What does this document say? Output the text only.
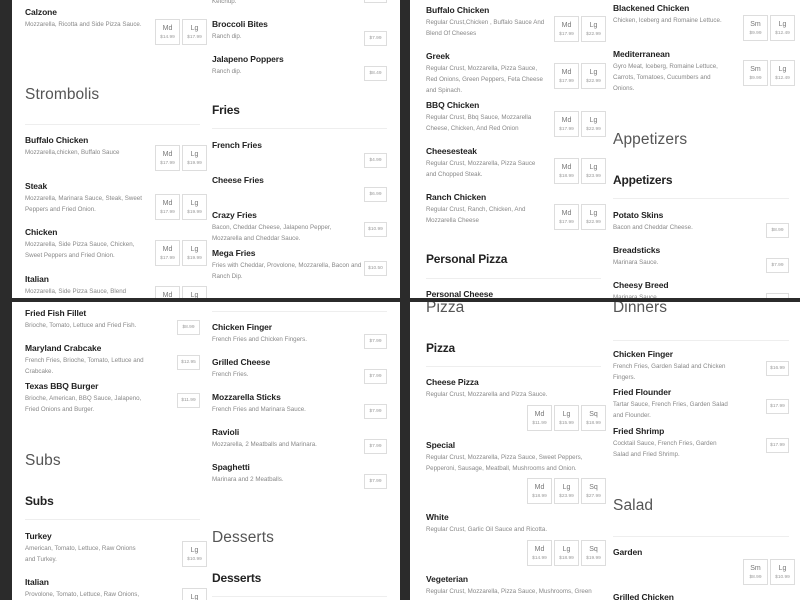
Calzone
Mozzarella, Ricotta and Side Pizza Sauce.
Md
$14.99
Lg
$17.99
Strombolis
Buffalo Chicken
Mozzarella,chicken, Buffalo Sauce	Md
$17.99
Lg
$19.99
Steak
Mozzarella, Marinara Sauce, Steak, Sweet Peppers and Fried Onion.
Md
$17.99
Lg
$19.99
Chicken
Mozzarella, Side Pizza Sauce, Chicken, Sweet Peppers and Fried Onion.
Md
$17.99
Lg
$19.99
Italian
Mozzarella, Side Pizza Sauce, Blend
Md	Lg
Ketchup.
Broccoli Bites
Ranch dip.	$7.99
Jalapeno Poppers
Ranch dip.	$8.49
Fries
French Fries
$4.99
Cheese Fries
$6.99
Crazy Fries
Bacon, Cheddar Cheese, Jalapeno Pepper, Mozzarella and Cheddar Sauce.
$10.99
Mega Fries
Fries with Cheddar, Provolone, Mozzarella, Bacon and Ranch Dip.
$10.50
Buffalo Chicken
Regular Crust,Chicken , Buffalo Sauce And Blend Of Cheeses
Md
$17.99
Lg
$22.99
Greek
Regular Crust, Mozzarella, Pizza Sauce, Red Onions, Green Peppers, Feta Cheese and Spinach.
Md
$17.99
Lg
$22.99
BBQ Chicken
Regular Crust, Bbq Sauce, Mozzarella Cheese, Chicken, And Red Onion
Md
$17.99
Lg
$22.99
Cheesesteak
Regular Crust, Mozzarella, Pizza Sauce and Chopped Steak.
Md
$18.99
Lg
$23.99
Ranch Chicken
Regular Crust, Ranch, Chicken, And Mozzarella Cheese
Md
$17.99
Lg
$22.99
Personal Pizza
Personal Cheese
Blackened Chicken
Chicken, Iceberg and Romaine Lettuce.
Sm
$9.99
Lg
$12.49
Mediterranean
Gyro Meat, Iceberg, Romaine Lettuce, Carrots, Tomatoes, Cucumbers and Onions.
Sm
$9.99
Lg
$12.49
Appetizers
Appetizers
Potato Skins
Bacon and Cheddar Cheese.	$8.99
Breadsticks
Marinara Sauce.	$7.99
Cheesy Breed
Marinara Sauce.
Fried Fish Fillet
Brioche, Tomato, Lettuce and Fried Fish.	$8.99
Maryland Crabcake
French Fries, Brioche, Tomato, Lettuce and Crabcake.
$12.95
Texas BBQ Burger
Brioche, American, BBQ Sauce, Jalapeno, Fried Onions and Burger.
$11.99
Subs
Subs
Turkey
American, Tomato, Lettuce, Raw Onions and Turkey.
Lg
$10.99
Italian
Provolone, Tomato, Lettuce, Raw Onions,	Lg
Chicken Finger
French Fries and Chicken Fingers.	$7.99
Grilled Cheese
French Fries.	$7.99
Mozzarella Sticks
French Fries and Marinara Sauce.	$7.99
Ravioli
Mozzarella, 2 Meatballs and Marinara.	$7.99
Spaghetti
Marinara and 2 Meatballs.	$7.99
Desserts
Desserts
Pizza
Pizza
Cheese Pizza
Regular Crust, Mozzarella and Pizza Sauce.
Md
$11.99
Lg
$15.99
Sq
$18.99
Special
Regular Crust, Mozzarella, Pizza Sauce, Sweet Peppers, Pepperoni, Sausage, Meatball, Mushrooms and Onion.
Md
$18.99
Lg
$23.99
Sq
$27.99
White
Regular Crust, Garlic Oil Sauce and Ricotta.
Md
$14.99
Lg
$18.99
Sq
$19.99
Vegeterian
Regular Crust, Mozzarella, Pizza Sauce, Mushrooms, Green
Dinners
Chicken Finger
French Fries, Garden Salad and Chicken Fingers.
$16.99
Fried Flounder
Tartar Sauce, French Fries, Garden Salad and Flounder.
$17.99
Fried Shrimp
Cocktail Sauce, French Fries, Garden Salad and Fried Shrimp.
$17.99
Salad
Garden
Sm
$8.99
Lg
$10.99
Grilled Chicken
